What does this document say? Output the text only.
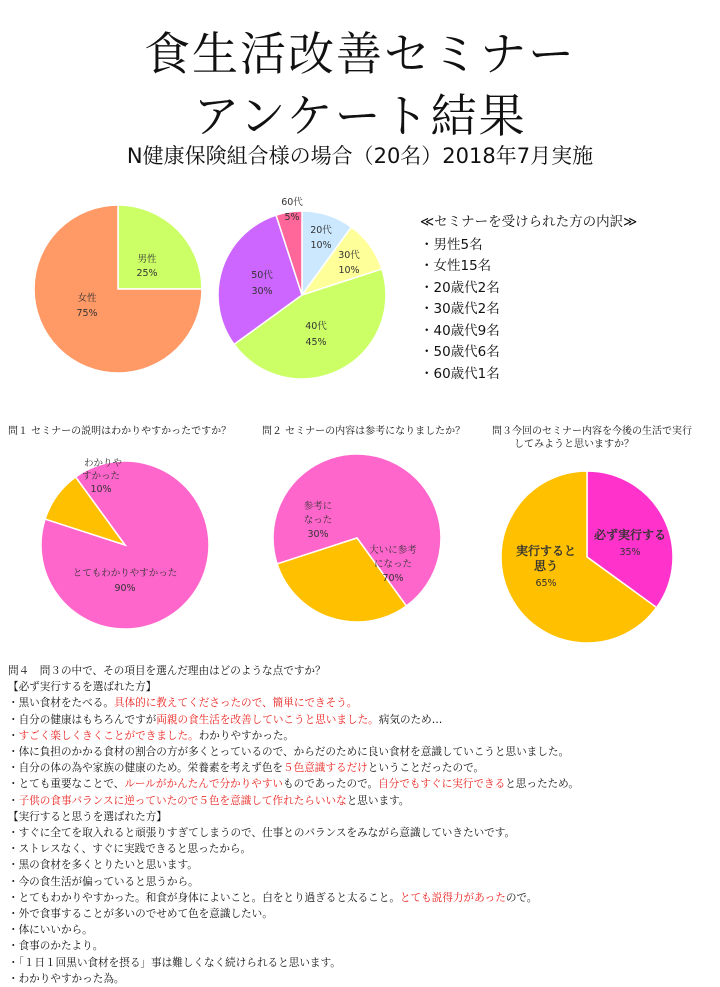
食生活改善セミナー
アンケート結果
N健康保険組合様の場合（20名）2018年7月実施
男性
25%
女性
75%
20代
10%
30代
10%
40代
45%
50代
30%
60代
5%
とてもわかりやすかった
90%
わかりや
すかった
10%
大いに参考
になった
70%
参考に
なった
30%	必ず実行する
35%
実行すると
思う
65%
≪セミナーを受けられた方の内訳≫
・男性5名
・女性15名
・20歳代2名
・30歳代2名
・40歳代9名
・50歳代6名
・60歳代1名
問１ セミナーの説明はわかりやすかったですか？	問２ セミナーの内容は参考になりましたか？	問３今回のセミナー内容を今後の生活で実行
してみようと思いますか？
問４　問３の中で、その項目を選んだ理由はどのような点ですか？
【必ず実行するを選ばれた方】
・黒い食材をたべる。具体的に教えてくださったので、簡単にできそう。
・自分の健康はもちろんですが両親の食生活を改善していこうと思いました。病気のため…
・すごく楽しくきくことができました。わかりやすかった。
・体に負担のかかる食材の割合の方が多くとっているので、からだのために良い食材を意識していこうと思いました。
・自分の体の為や家族の健康のため。栄養素を考えず色を５色意識するだけということだったので。
・とても重要なことで、ルールがかんたんで分かりやすいものであったので。自分でもすぐに実行できると思ったため。
・子供の食事バランスに逆っていたので５色を意識して作れたらいいなと思います。
【実行すると思うを選ばれた方】
・すぐに全てを取入れると頑張りすぎてしまうので、仕事とのバランスをみながら意識していきたいです。
・ストレスなく、すぐに実践できると思ったから。
・黒の食材を多くとりたいと思います。
・今の食生活が偏っていると思うから。
・とてもわかりやすかった。和食が身体によいこと。白をとり過ぎると太ること。とても説得力があったので。
・外で食事することが多いのでせめて色を意識したい。
・体にいいから。
・食事のかたより。
・「１日１回黒い食材を摂る」事は難しくなく続けられると思います。
・わかりやすかった為。
